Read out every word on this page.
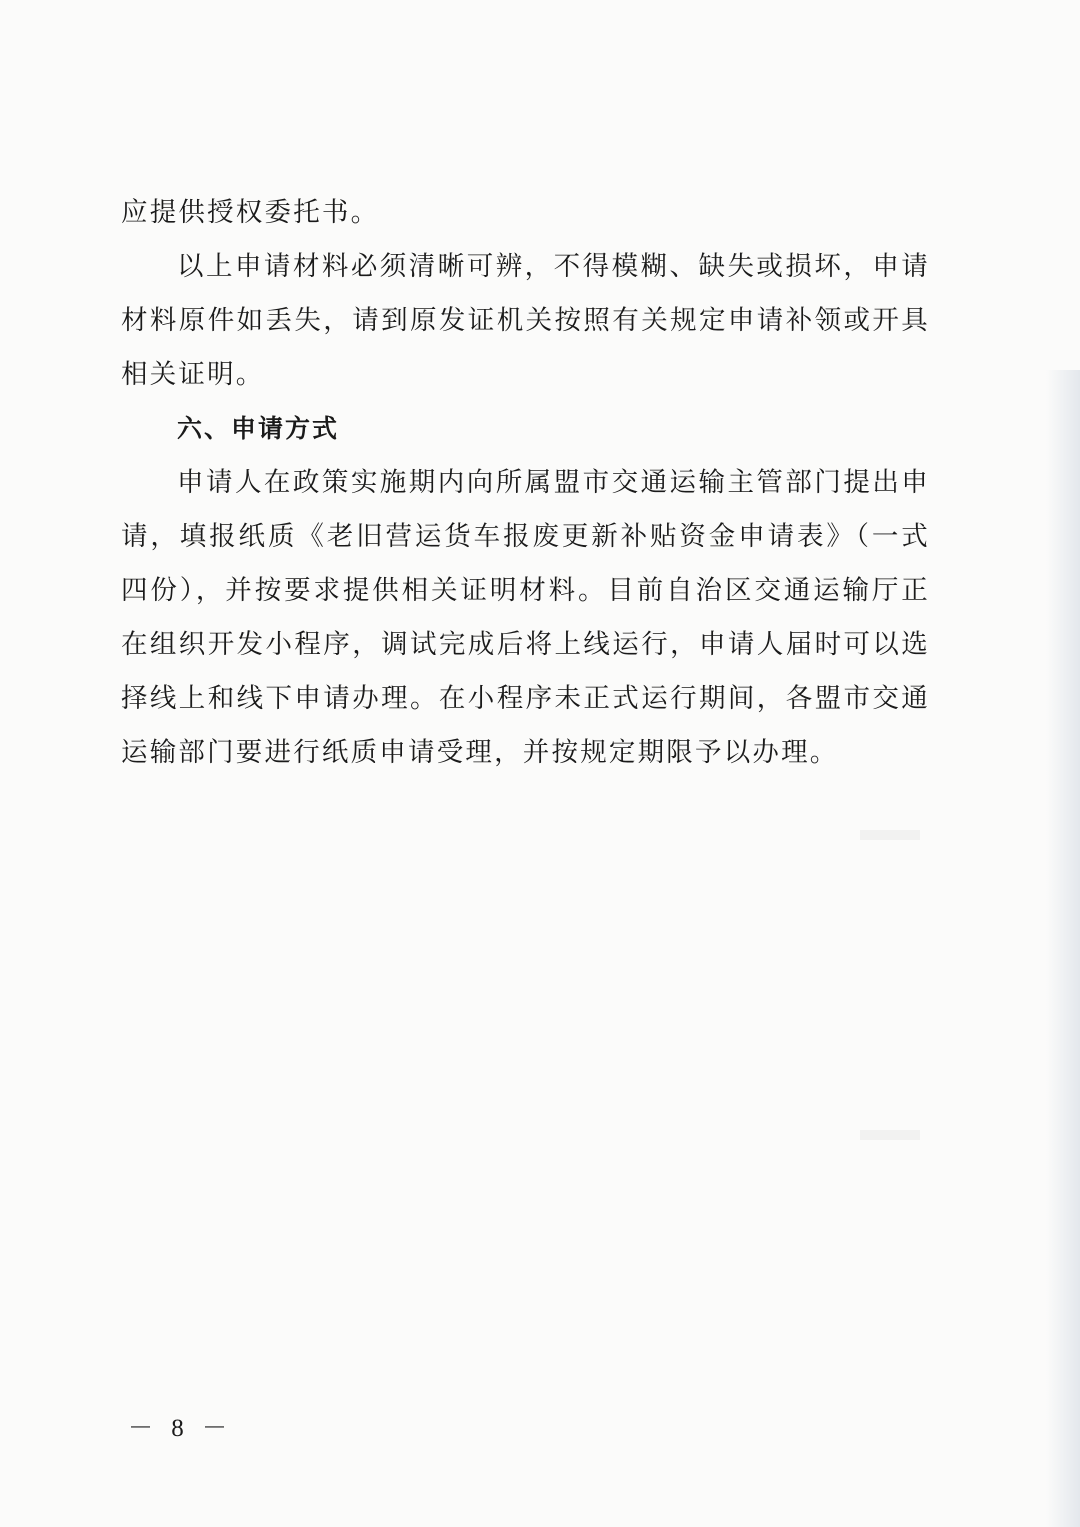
应提供授权委托书。
以上申请材料必须清晰可辨，不得模糊、缺失或损坏，申请
材料原件如丢失，请到原发证机关按照有关规定申请补领或开具
相关证明。
六、申请方式
申请人在政策实施期内向所属盟市交通运输主管部门提出申
请，填报纸质《老旧营运货车报废更新补贴资金申请表》（一式
四份），并按要求提供相关证明材料。目前自治区交通运输厅正
在组织开发小程序，调试完成后将上线运行，申请人届时可以选
择线上和线下申请办理。在小程序未正式运行期间，各盟市交通
运输部门要进行纸质申请受理，并按规定期限予以办理。
－ 8 －
